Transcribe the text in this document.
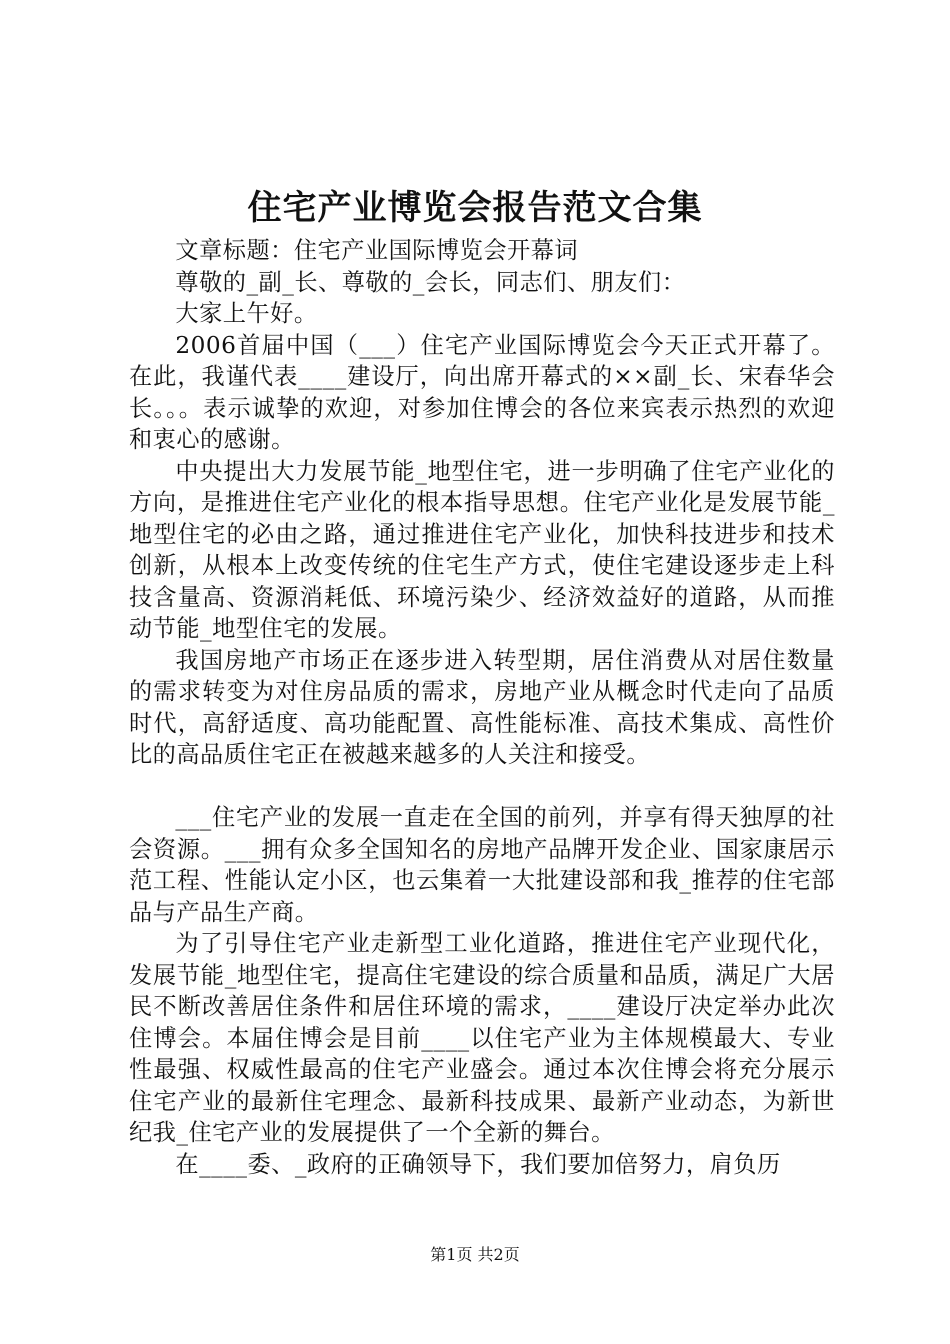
住宅产业博览会报告范文合集

文章标题：住宅产业国际博览会开幕词

尊敬的_副_长、尊敬的_会长，同志们、朋友们：

大家上午好。

2006首届中国（___）住宅产业国际博览会今天正式开幕了。在此，我谨代表____建设厅，向出席开幕式的××副_长、宋春华会长。。。表示诚挚的欢迎，对参加住博会的各位来宾表示热烈的欢迎和衷心的感谢。

中央提出大力发展节能_地型住宅，进一步明确了住宅产业化的方向，是推进住宅产业化的根本指导思想。住宅产业化是发展节能_地型住宅的必由之路，通过推进住宅产业化，加快科技进步和技术创新，从根本上改变传统的住宅生产方式，使住宅建设逐步走上科技含量高、资源消耗低、环境污染少、经济效益好的道路，从而推动节能_地型住宅的发展。

我国房地产市场正在逐步进入转型期，居住消费从对居住数量的需求转变为对住房品质的需求，房地产业从概念时代走向了品质时代，高舒适度、高功能配置、高性能标准、高技术集成、高性价比的高品质住宅正在被越来越多的人关注和接受。

___住宅产业的发展一直走在全国的前列，并享有得天独厚的社会资源。___拥有众多全国知名的房地产品牌开发企业、国家康居示范工程、性能认定小区，也云集着一大批建设部和我_推荐的住宅部品与产品生产商。

为了引导住宅产业走新型工业化道路，推进住宅产业现代化，发展节能_地型住宅，提高住宅建设的综合质量和品质，满足广大居民不断改善居住条件和居住环境的需求，____建设厅决定举办此次住博会。本届住博会是目前____以住宅产业为主体规模最大、专业性最强、权威性最高的住宅产业盛会。通过本次住博会将充分展示住宅产业的最新住宅理念、最新科技成果、最新产业动态，为新世纪我_住宅产业的发展提供了一个全新的舞台。

在____委、_政府的正确领导下，我们要加倍努力，肩负历

第1页 共2页
